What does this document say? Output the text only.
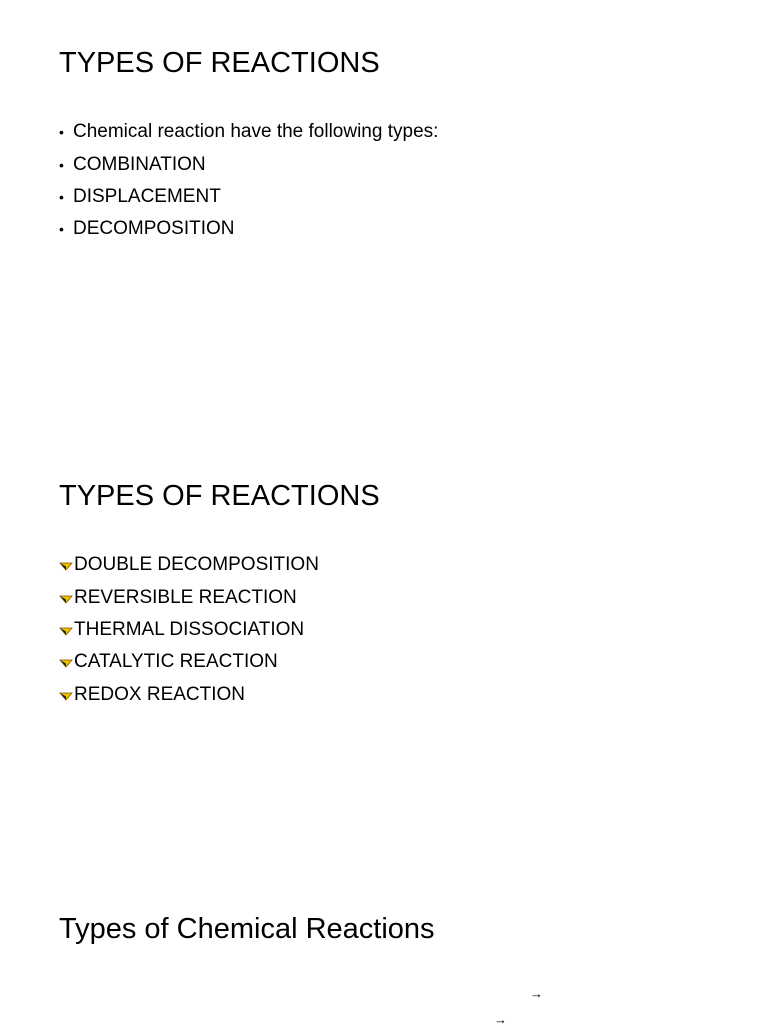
TYPES OF REACTIONS
• Chemical reaction have the following types:
• COMBINATION
• DISPLACEMENT
• DECOMPOSITION
TYPES OF REACTIONS
DOUBLE DECOMPOSITION
REVERSIBLE REACTION
THERMAL DISSOCIATION
CATALYTIC REACTION
REDOX REACTION
Types of Chemical Reactions
→
→
